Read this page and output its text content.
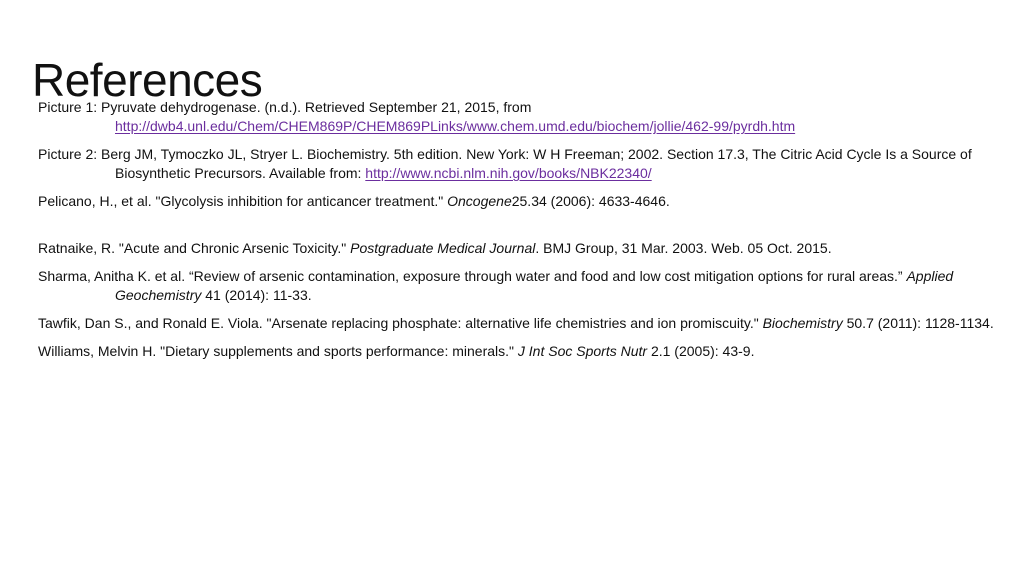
References

Picture 1: Pyruvate dehydrogenase. (n.d.). Retrieved September 21, 2015, from http://dwb4.unl.edu/Chem/CHEM869P/CHEM869PLinks/www.chem.umd.edu/biochem/jollie/462-99/pyrdh.htm

Picture 2: Berg JM, Tymoczko JL, Stryer L. Biochemistry. 5th edition. New York: W H Freeman; 2002. Section 17.3, The Citric Acid Cycle Is a Source of Biosynthetic Precursors. Available from: http://www.ncbi.nlm.nih.gov/books/NBK22340/

Pelicano, H., et al. "Glycolysis inhibition for anticancer treatment." Oncogene25.34 (2006): 4633-4646.

Ratnaike, R. "Acute and Chronic Arsenic Toxicity." Postgraduate Medical Journal. BMJ Group, 31 Mar. 2003. Web. 05 Oct. 2015.

Sharma, Anitha K. et al. “Review of arsenic contamination, exposure through water and food and low cost mitigation options for rural areas.” Applied Geochemistry 41 (2014): 11-33.

Tawfik, Dan S., and Ronald E. Viola. "Arsenate replacing phosphate: alternative life chemistries and ion promiscuity." Biochemistry 50.7 (2011): 1128-1134.

Williams, Melvin H. "Dietary supplements and sports performance: minerals." J Int Soc Sports Nutr 2.1 (2005): 43-9.
